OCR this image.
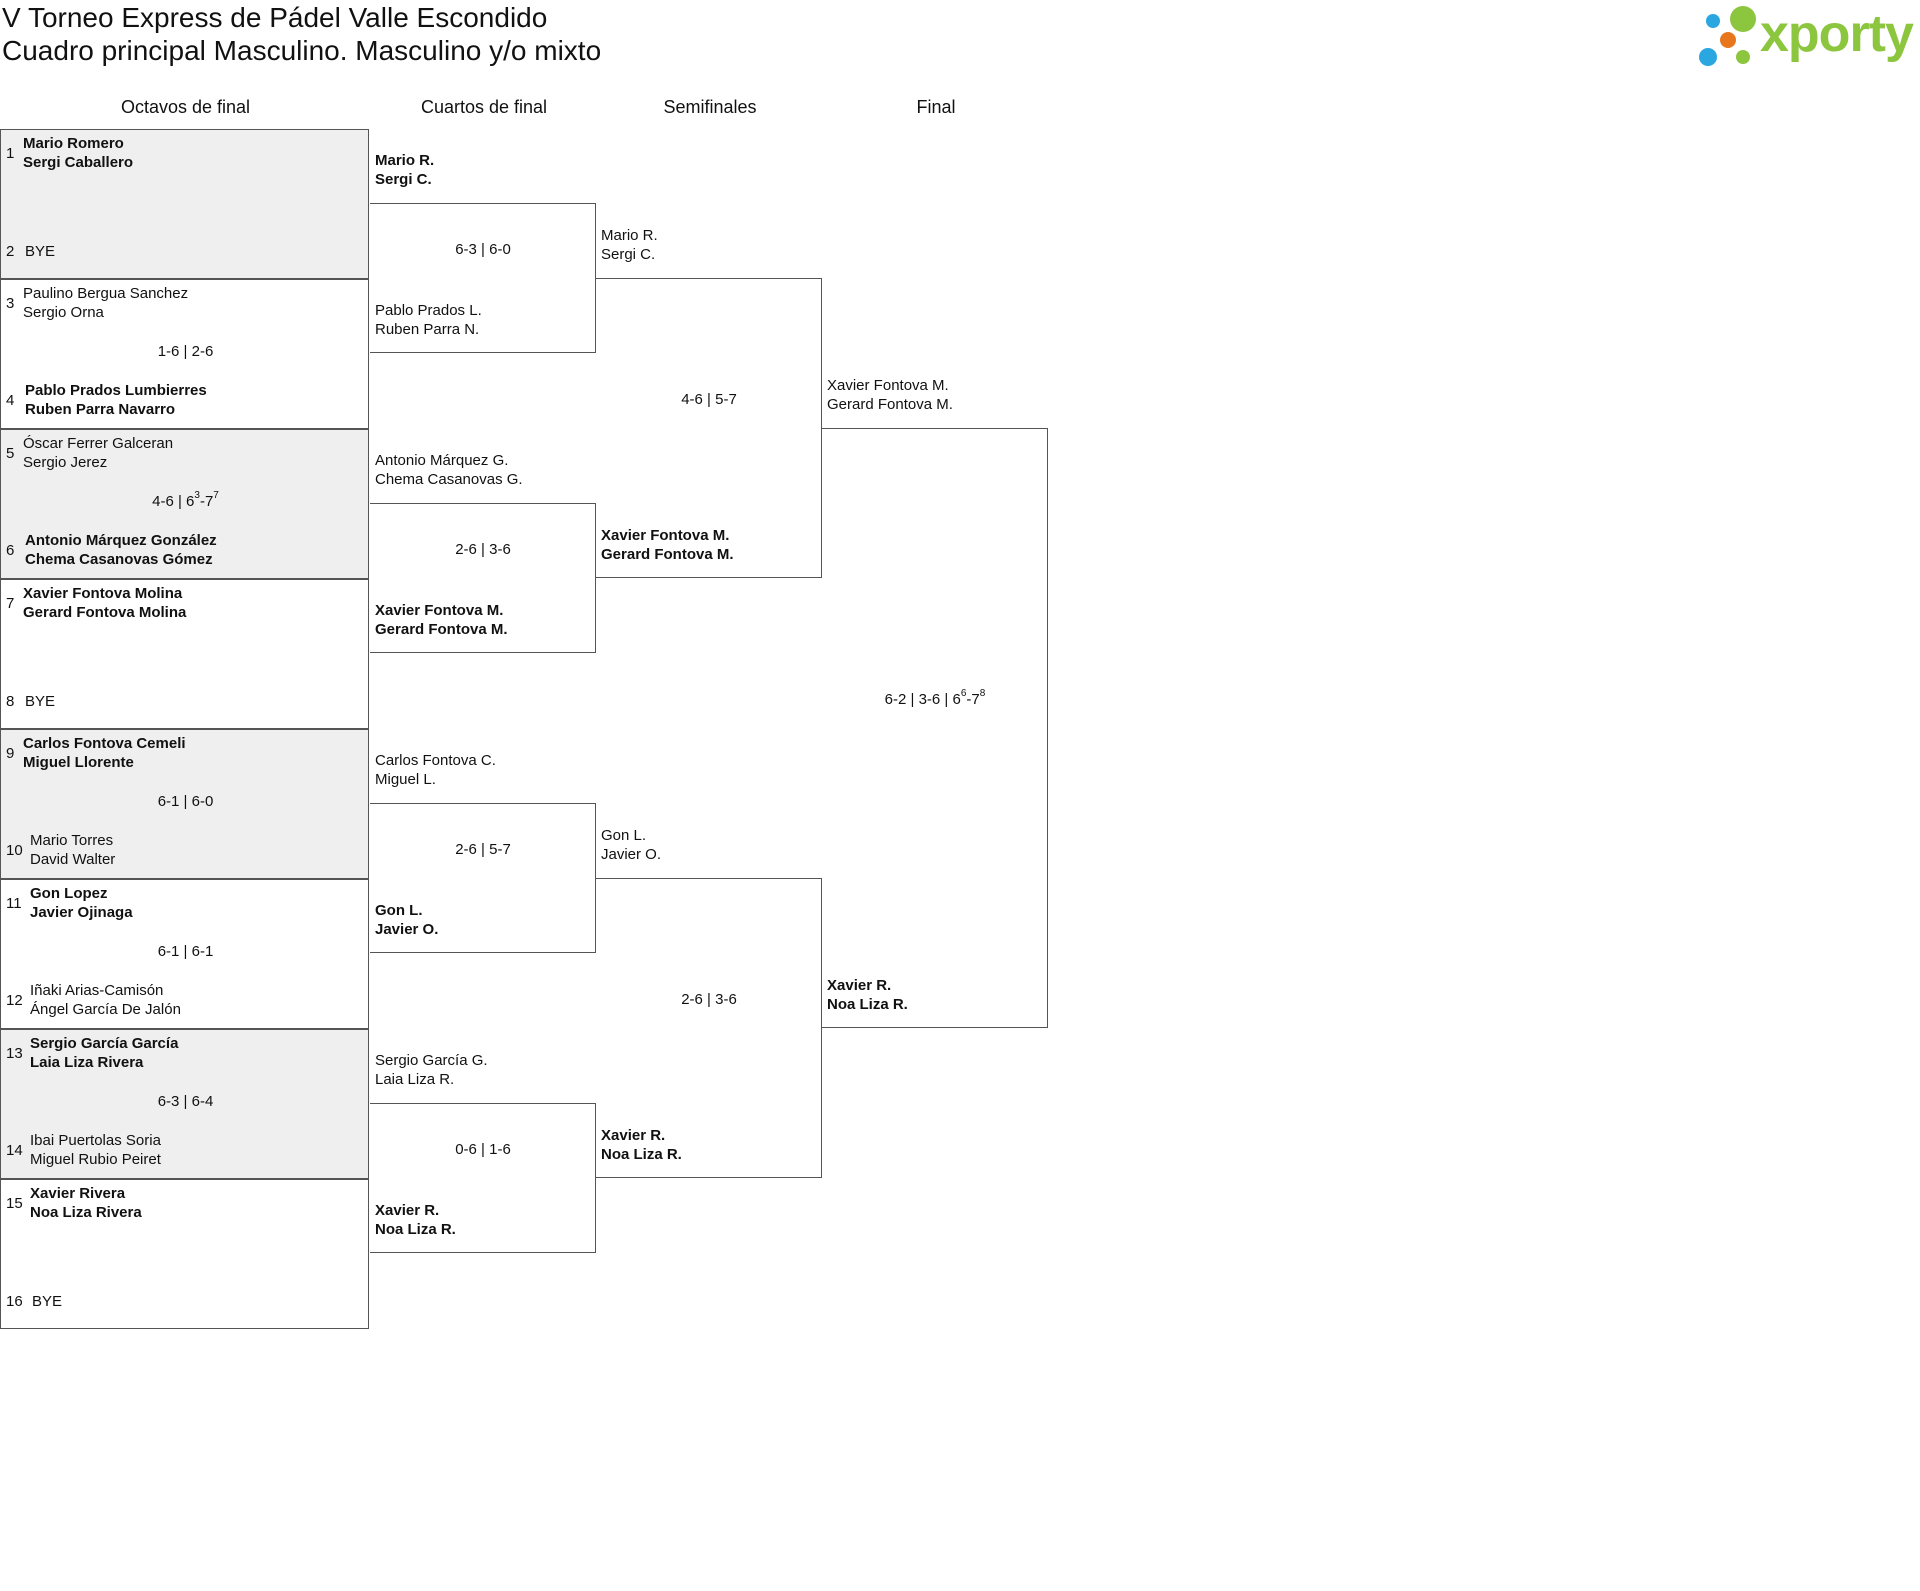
V Torneo Express de Pádel Valle Escondido
Cuadro principal Masculino. Masculino y/o mixto	xporty
Octavos de final	Cuartos de final	Semifinales	Final
1
Mario Romero
Sergi Caballero
2 BYE
3
Paulino Bergua Sanchez
Sergio Orna
4
Pablo Prados Lumbierres
Ruben Parra Navarro
1-6 | 2-6
5
Óscar Ferrer Galceran
Sergio Jerez
6
Antonio Márquez González
Chema Casanovas Gómez
4-6 | $6^3-7^7$
7
Xavier Fontova Molina
Gerard Fontova Molina
8 BYE
9
Carlos Fontova Cemeli
Miguel Llorente
10
Mario Torres
David Walter
6-1 | 6-0
11
Gon Lopez
Javier Ojinaga
12
Iñaki Arias-Camisón
Ángel García De Jalón
6-1 | 6-1
13
Sergio García García
Laia Liza Rivera
14
Ibai Puertolas Soria
Miguel Rubio Peiret
6-3 | 6-4
15
Xavier Rivera
Noa Liza Rivera
16 BYE
Mario R.
Sergi C.
Pablo Prados L.
Ruben Parra N.
6-3 | 6-0
Antonio Márquez G.
Chema Casanovas G.
Xavier Fontova M.
Gerard Fontova M.
2-6 | 3-6
Carlos Fontova C.
Miguel L.
Gon L.
Javier O.
2-6 | 5-7
Sergio García G.
Laia Liza R.
Xavier R.
Noa Liza R.
0-6 | 1-6
Mario R.
Sergi C.
Xavier Fontova M.
Gerard Fontova M.
4-6 | 5-7
Gon L.
Javier O.
Xavier R.
Noa Liza R.
2-6 | 3-6
Xavier Fontova M.
Gerard Fontova M.
Xavier R.
Noa Liza R.
6-2 | 3-6 | $6^6-7^8$
